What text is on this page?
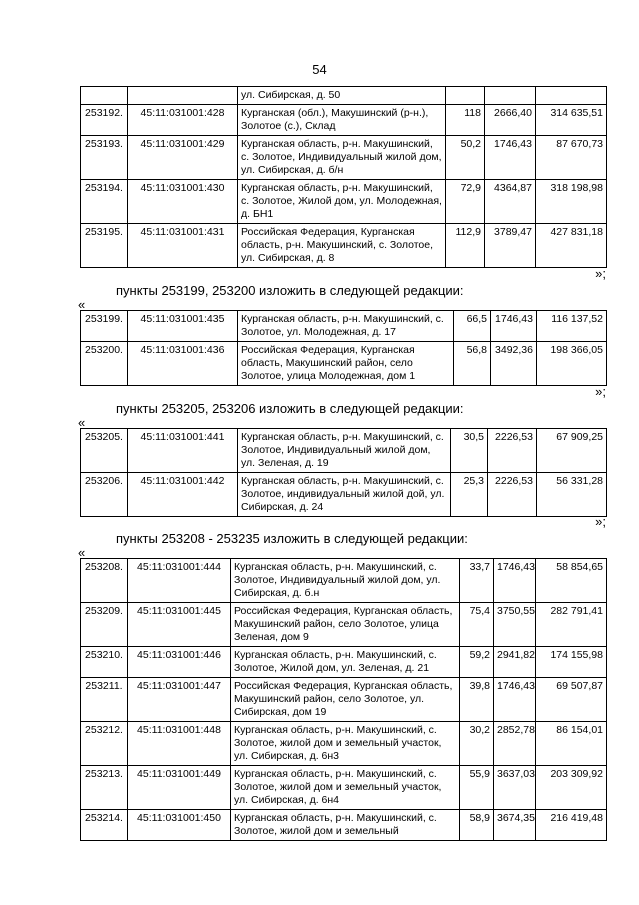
54
		ул. Сибирская, д. 50			
253192.	45:11:031001:428	Курганская (обл.), Макушинский (р-н.), Золотое (с.), Склад	118	2666,40	314 635,51
253193.	45:11:031001:429	Курганская область, р-н. Макушинский, с. Золотое, Индивидуальный жилой дом, ул. Сибирская, д. б/н	50,2	1746,43	87 670,73
253194.	45:11:031001:430	Курганская область, р-н. Макушинский, с. Золотое, Жилой дом, ул. Молодежная, д. БН1	72,9	4364,87	318 198,98
253195.	45:11:031001:431	Российская Федерация, Курганская область, р-н. Макушинский, с. Золотое, ул. Сибирская, д. 8	112,9	3789,47	427 831,18
»;
пункты 253199, 253200 изложить в следующей редакции:
«
253199.	45:11:031001:435	Курганская область, р-н. Макушинский, с. Золотое, ул. Молодежная, д. 17	66,5	1746,43	116 137,52
253200.	45:11:031001:436	Российская Федерация, Курганская область, Макушинский район, село Золотое, улица Молодежная, дом 1	56,8	3492,36	198 366,05
»;
пункты 253205, 253206 изложить в следующей редакции:
«
253205.	45:11:031001:441	Курганская область, р-н. Макушинский, с. Золотое, Индивидуальный жилой дом, ул. Зеленая, д. 19	30,5	2226,53	67 909,25
253206.	45:11:031001:442	Курганская область, р-н. Макушинский, с. Золотое, индивидуальный жилой дой, ул. Сибирская, д. 24	25,3	2226,53	56 331,28
»;
пункты 253208 - 253235 изложить в следующей редакции:
«
253208.	45:11:031001:444	Курганская область, р-н. Макушинский, с. Золотое, Индивидуальный жилой дом, ул. Сибирская, д. б.н	33,7	1746,43	58 854,65
253209.	45:11:031001:445	Российская Федерация, Курганская область, Макушинский район, село Золотое, улица Зеленая, дом 9	75,4	3750,55	282 791,41
253210.	45:11:031001:446	Курганская область, р-н. Макушинский, с. Золотое, Жилой дом, ул. Зеленая, д. 21	59,2	2941,82	174 155,98
253211.	45:11:031001:447	Российская Федерация, Курганская область, Макушинский район, село Золотое, ул. Сибирская, дом 19	39,8	1746,43	69 507,87
253212.	45:11:031001:448	Курганская область, р-н. Макушинский, с. Золотое, жилой дом и земельный участок, ул. Сибирская, д. 6н3	30,2	2852,78	86 154,01
253213.	45:11:031001:449	Курганская область, р-н. Макушинский, с. Золотое, жилой дом и земельный участок, ул. Сибирская, д. 6н4	55,9	3637,03	203 309,92
253214.	45:11:031001:450	Курганская область, р-н. Макушинский, с. Золотое, жилой дом и земельный	58,9	3674,35	216 419,48
